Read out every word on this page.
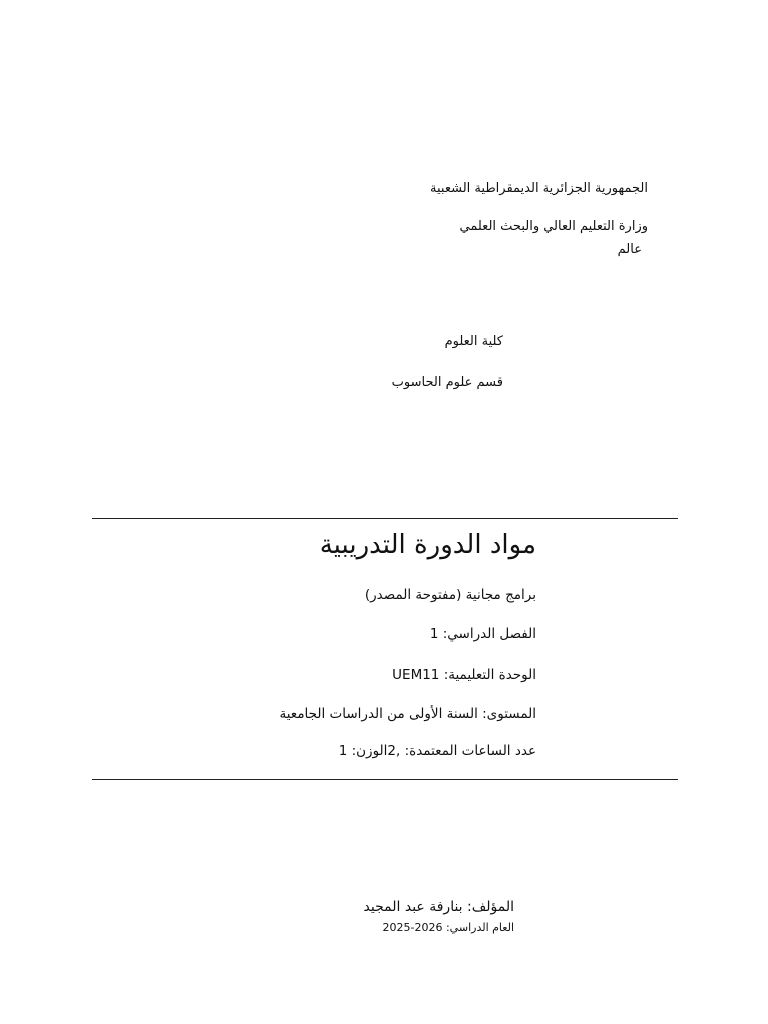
الجمهورية الجزائرية الديمقراطية الشعبية
وزارة التعليم العالي والبحث العلمي
عالم
كلية العلوم
قسم علوم الحاسوب
مواد الدورة التدريبية
برامج مجانية (مفتوحة المصدر)
الفصل الدراسي: 1
الوحدة التعليمية: UEM11
المستوى: السنة الأولى من الدراسات الجامعية
عدد الساعات المعتمدة: ,2الوزن: 1
المؤلف: بنارفة عبد المجيد
العام الدراسي: 2026-2025
